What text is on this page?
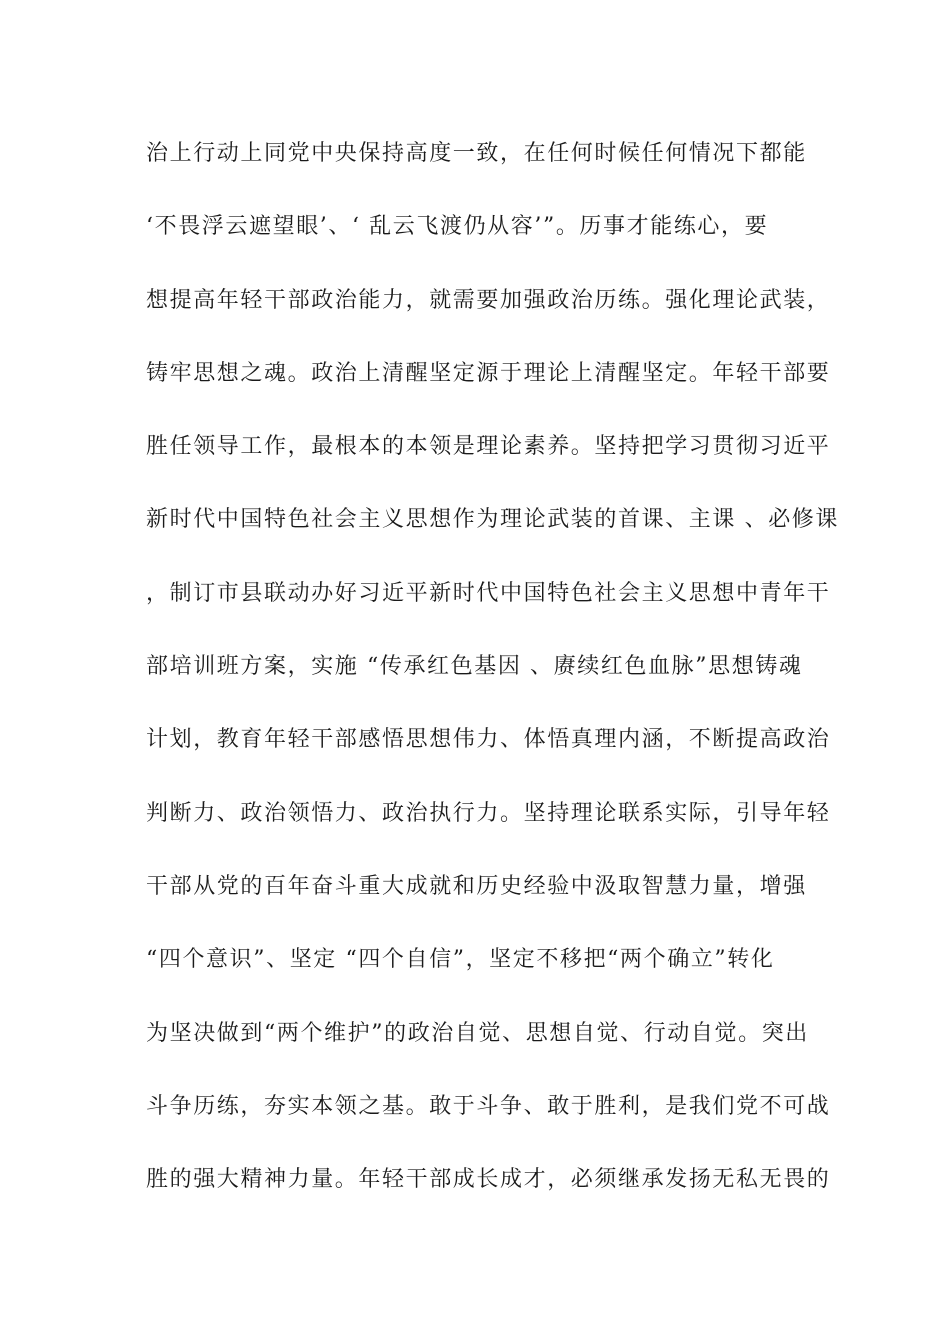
治上行动上同党中央保持高度一致，在任何时候任何情况下都能
‘不畏浮云遮望眼’、‘ 乱云飞渡仍从容’”。历事才能练心，要
想提高年轻干部政治能力，就需要加强政治历练。强化理论武装，
铸牢思想之魂。政治上清醒坚定源于理论上清醒坚定。年轻干部要
胜任领导工作，最根本的本领是理论素养。坚持把学习贯彻习近平
新时代中国特色社会主义思想作为理论武装的首课、主课 、必修课
，制订市县联动办好习近平新时代中国特色社会主义思想中青年干
部培训班方案，实施 “传承红色基因 、赓续红色血脉”思想铸魂
计划，教育年轻干部感悟思想伟力、体悟真理内涵，不断提高政治
判断力、政治领悟力、政治执行力。坚持理论联系实际，引导年轻
干部从党的百年奋斗重大成就和历史经验中汲取智慧力量，增强
“四个意识”、坚定 “四个自信”，坚定不移把“两个确立”转化
为坚决做到“两个维护”的政治自觉、思想自觉、行动自觉。突出
斗争历练，夯实本领之基。敢于斗争、敢于胜利，是我们党不可战
胜的强大精神力量。年轻干部成长成才，必须继承发扬无私无畏的
